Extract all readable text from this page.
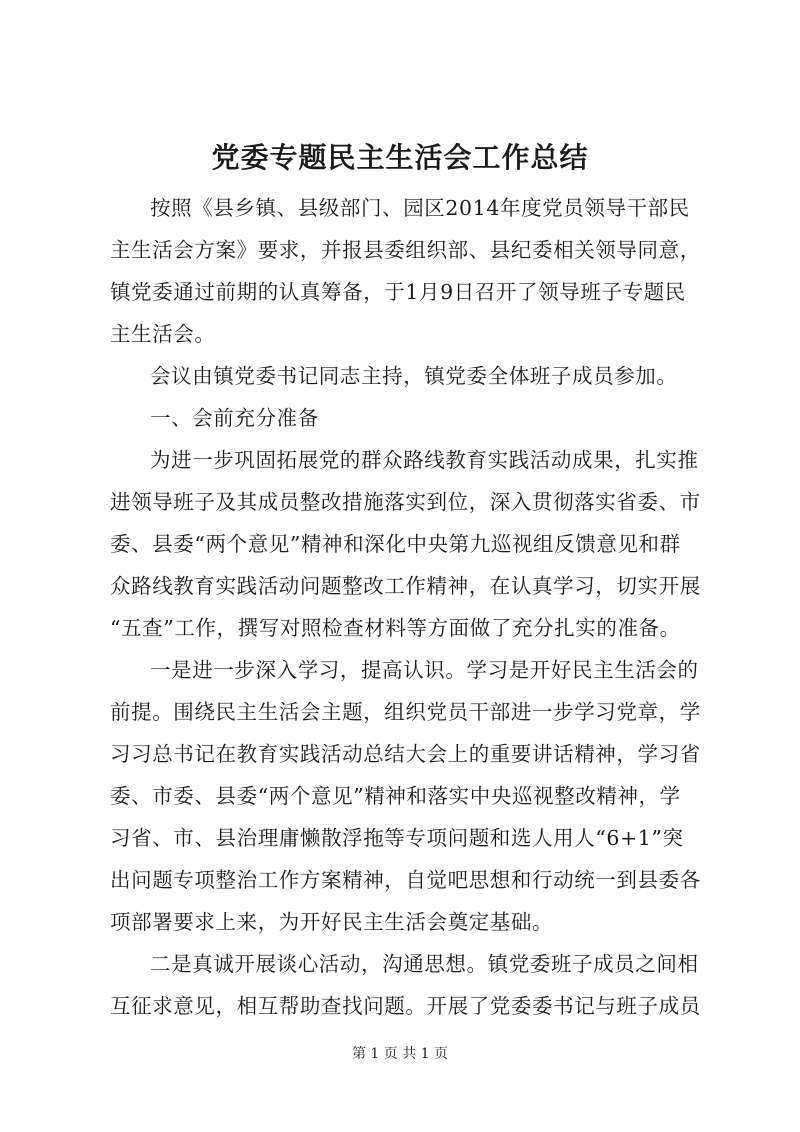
党委专题民主生活会工作总结

按照《县乡镇、县级部门、园区2014年度党员领导干部民

主生活会方案》要求，并报县委组织部、县纪委相关领导同意，

镇党委通过前期的认真筹备，于1月9日召开了领导班子专题民

主生活会。

会议由镇党委书记同志主持，镇党委全体班子成员参加。

一、会前充分准备

为进一步巩固拓展党的群众路线教育实践活动成果，扎实推

进领导班子及其成员整改措施落实到位，深入贯彻落实省委、市

委、县委“两个意见”精神和深化中央第九巡视组反馈意见和群

众路线教育实践活动问题整改工作精神，在认真学习，切实开展

“五查”工作，撰写对照检查材料等方面做了充分扎实的准备。

一是进一步深入学习，提高认识。学习是开好民主生活会的

前提。围绕民主生活会主题，组织党员干部进一步学习党章，学

习习总书记在教育实践活动总结大会上的重要讲话精神，学习省

委、市委、县委“两个意见”精神和落实中央巡视整改精神，学

习省、市、县治理庸懒散浮拖等专项问题和选人用人“6+1”突

出问题专项整治工作方案精神，自觉吧思想和行动统一到县委各

项部署要求上来，为开好民主生活会奠定基础。

二是真诚开展谈心活动，沟通思想。镇党委班子成员之间相

互征求意见，相互帮助查找问题。开展了党委委书记与班子成员

第 1 页 共 1 页
